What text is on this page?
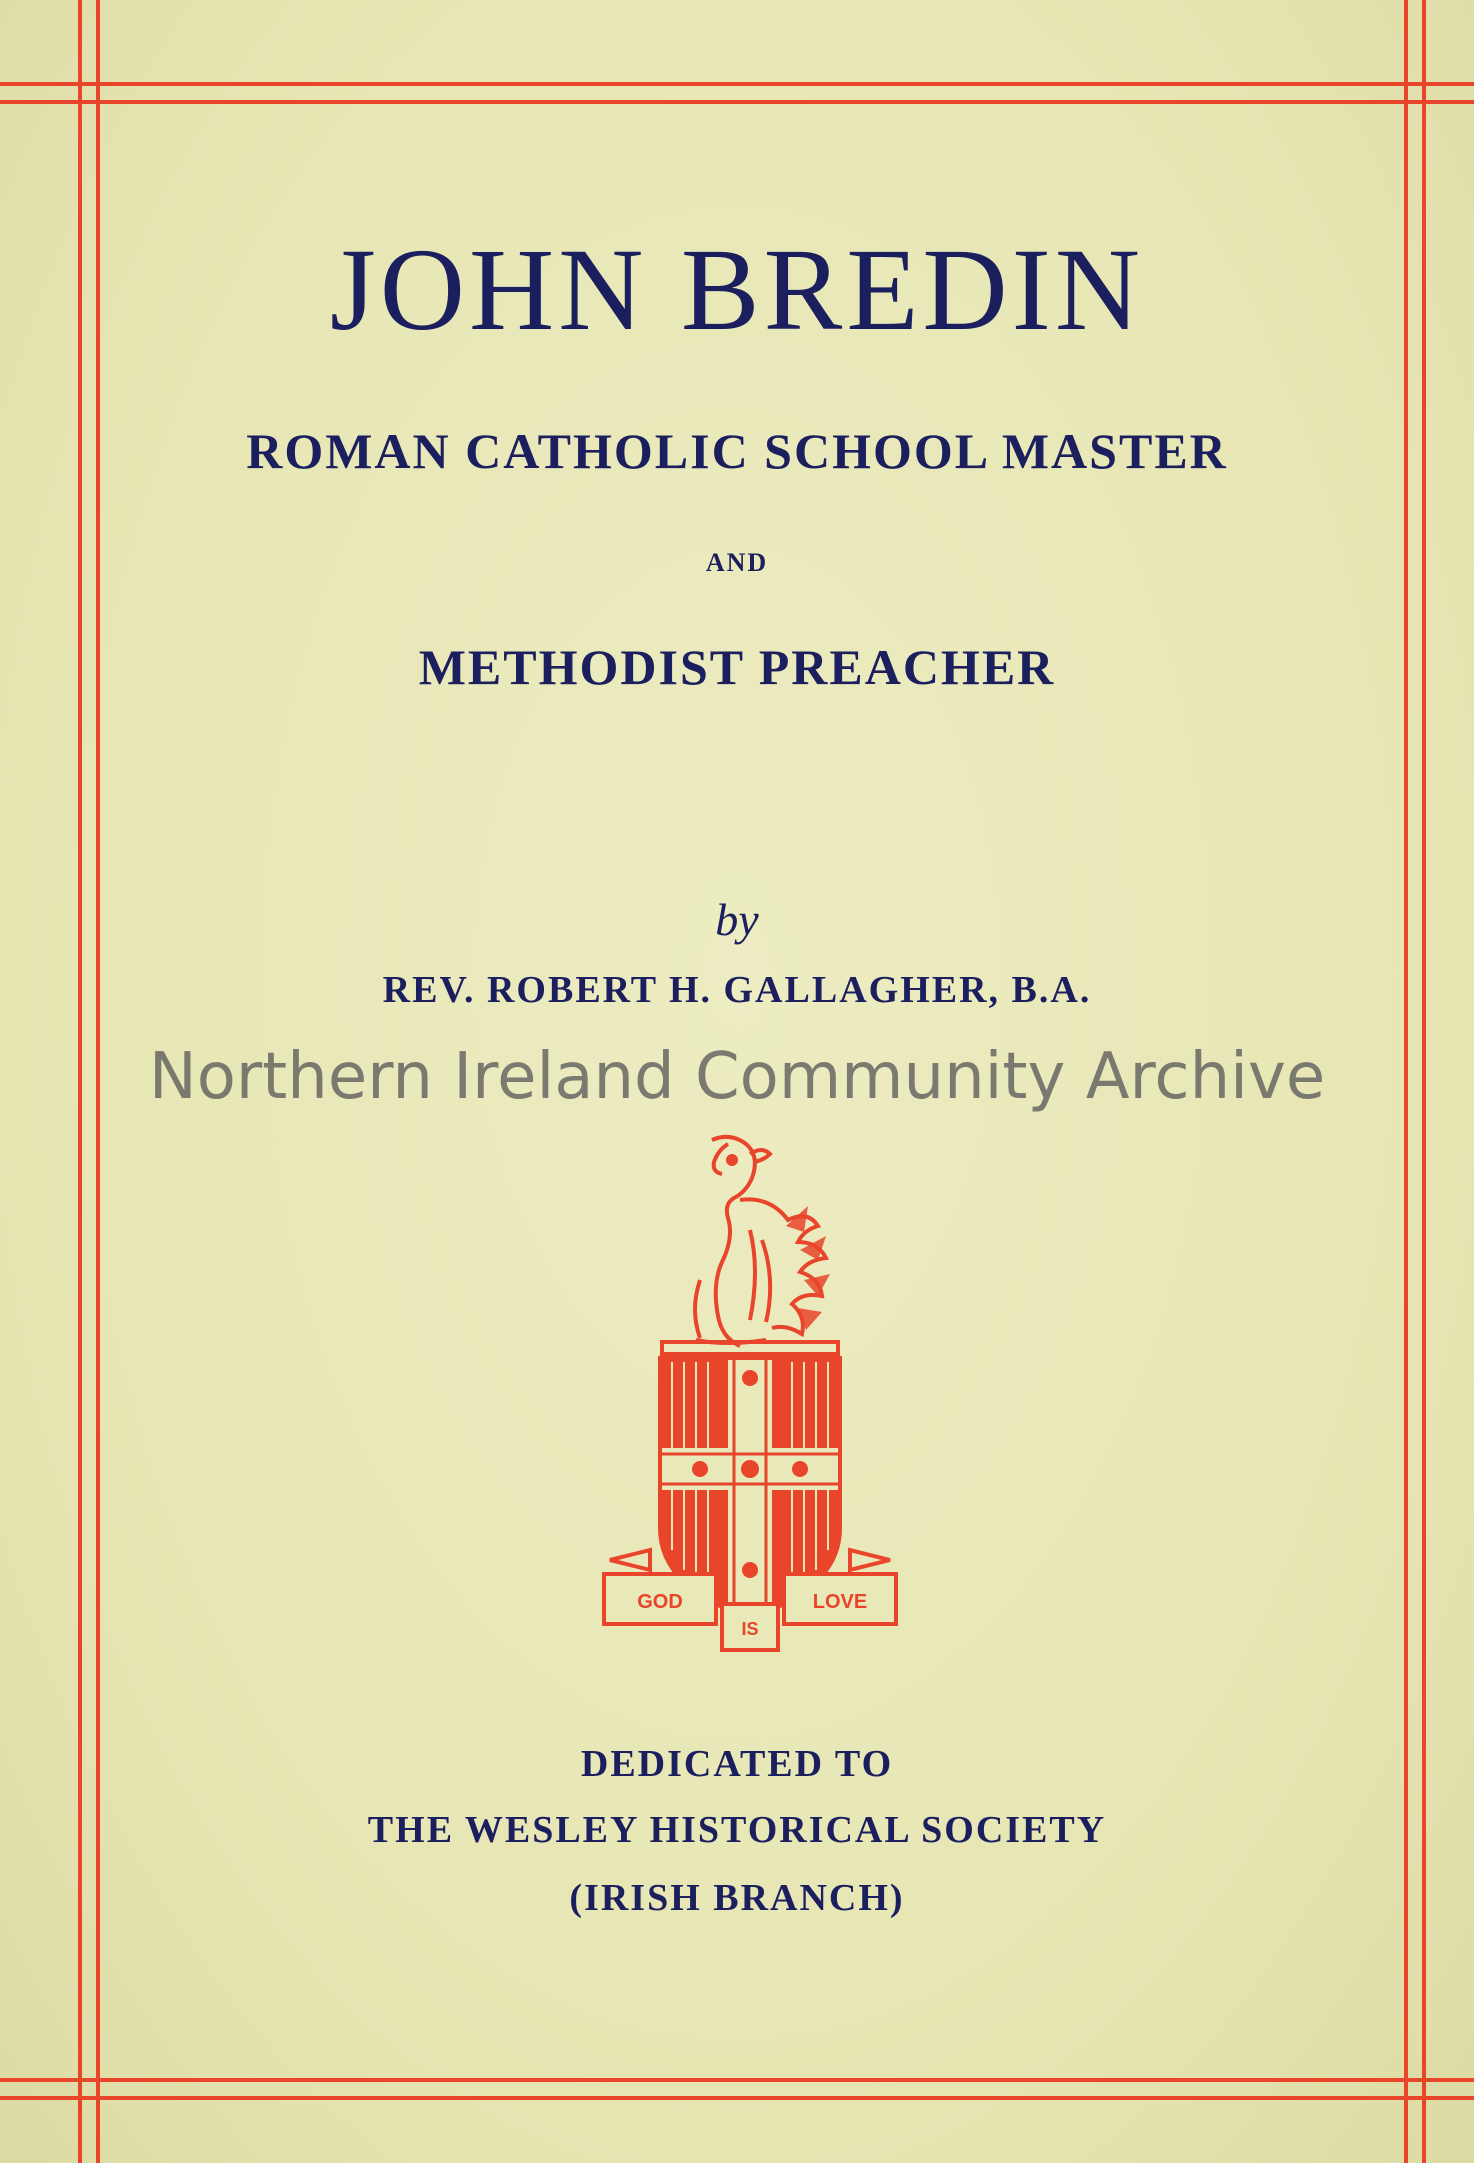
JOHN BREDIN
ROMAN CATHOLIC SCHOOL MASTER
AND
METHODIST PREACHER
by
REV. ROBERT H. GALLAGHER, B.A.
Northern Ireland Community Archive
GOD
IS
LOVE
DEDICATED TO
THE WESLEY HISTORICAL SOCIETY
(IRISH BRANCH)
